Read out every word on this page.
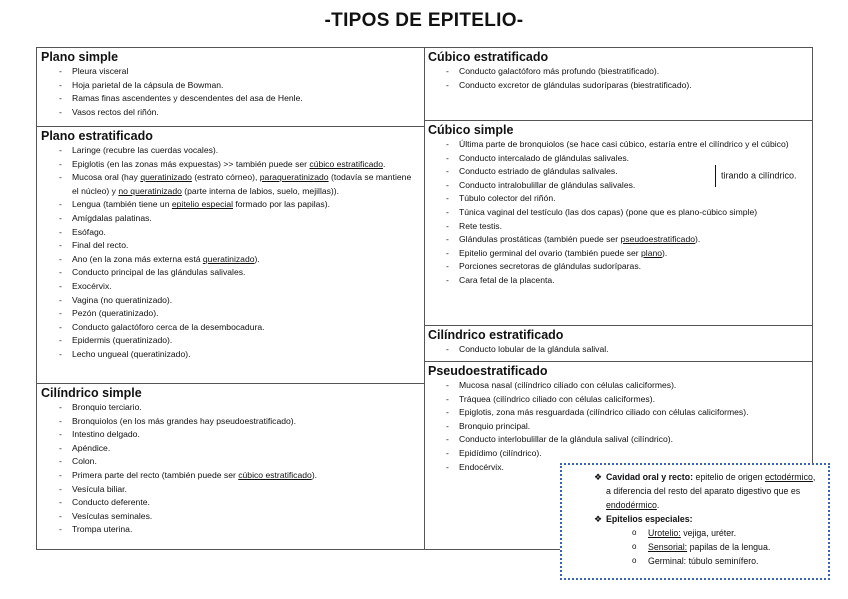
-TIPOS DE EPITELIO-
Plano simple
- Pleura visceral
- Hoja parietal de la cápsula de Bowman.
- Ramas finas ascendentes y descendentes del asa de Henle.
- Vasos rectos del riñón.
Plano estratificado
- Laringe (recubre las cuerdas vocales).
- Epiglotis (en las zonas más expuestas) >> también puede ser cúbico estratificado.
- Mucosa oral (hay queratinizado (estrato córneo), paraqueratinizado (todavía se mantiene el núcleo) y no queratinizado (parte interna de labios, suelo, mejillas)).
- Lengua (también tiene un epitelio especial formado por las papilas).
- Amígdalas palatinas.
- Esófago.
- Final del recto.
- Ano (en la zona más externa está queratinizado).
- Conducto principal de las glándulas salivales.
- Exocérvix.
- Vagina (no queratinizado).
- Pezón (queratinizado).
- Conducto galactóforo cerca de la desembocadura.
- Epidermis (queratinizado).
- Lecho ungueal (queratinizado).
Cilíndrico simple
- Bronquio terciario.
- Bronquiolos (en los más grandes hay pseudoestratificado).
- Intestino delgado.
- Apéndice.
- Colon.
- Primera parte del recto (también puede ser cúbico estratificado).
- Vesícula biliar.
- Conducto deferente.
- Vesículas seminales.
- Trompa uterina.
Cúbico estratificado
- Conducto galactóforo más profundo (biestratificado).
- Conducto excretor de glándulas sudoríparas (biestratificado).
Cúbico simple
- Última parte de bronquiolos (se hace casi cúbico, estaría entre el cilíndrico y el cúbico)
- Conducto intercalado de glándulas salivales.
- Conducto estriado de glándulas salivales.	tirando a cilíndrico.
- Conducto intralobulillar de glándulas salivales.
- Túbulo colector del riñón.
- Túnica vaginal del testículo (las dos capas) (pone que es plano-cúbico simple)
- Rete testis.
- Glándulas prostáticas (también puede ser pseudoestratificado).
- Epitelio germinal del ovario (también puede ser plano).
- Porciones secretoras de glándulas sudoríparas.
- Cara fetal de la placenta.
Cilíndrico estratificado
- Conducto lobular de la glándula salival.
Pseudoestratificado
- Mucosa nasal (cilíndrico ciliado con células caliciformes).
- Tráquea (cilíndrico ciliado con células caliciformes).
- Epiglotis, zona más resguardada (cilíndrico ciliado con células caliciformes).
- Bronquio principal.
- Conducto interlobulillar de la glándula salival (cilíndrico).
- Epidídimo (cilíndrico).
- Endocérvix.
❖ Cavidad oral y recto: epitelio de origen ectodérmico, a diferencia del resto del aparato digestivo que es endodérmico.
❖ Epitelios especiales:
o Urotelio: vejiga, uréter.
o Sensorial: papilas de la lengua.
o Germinal: túbulo seminífero.
